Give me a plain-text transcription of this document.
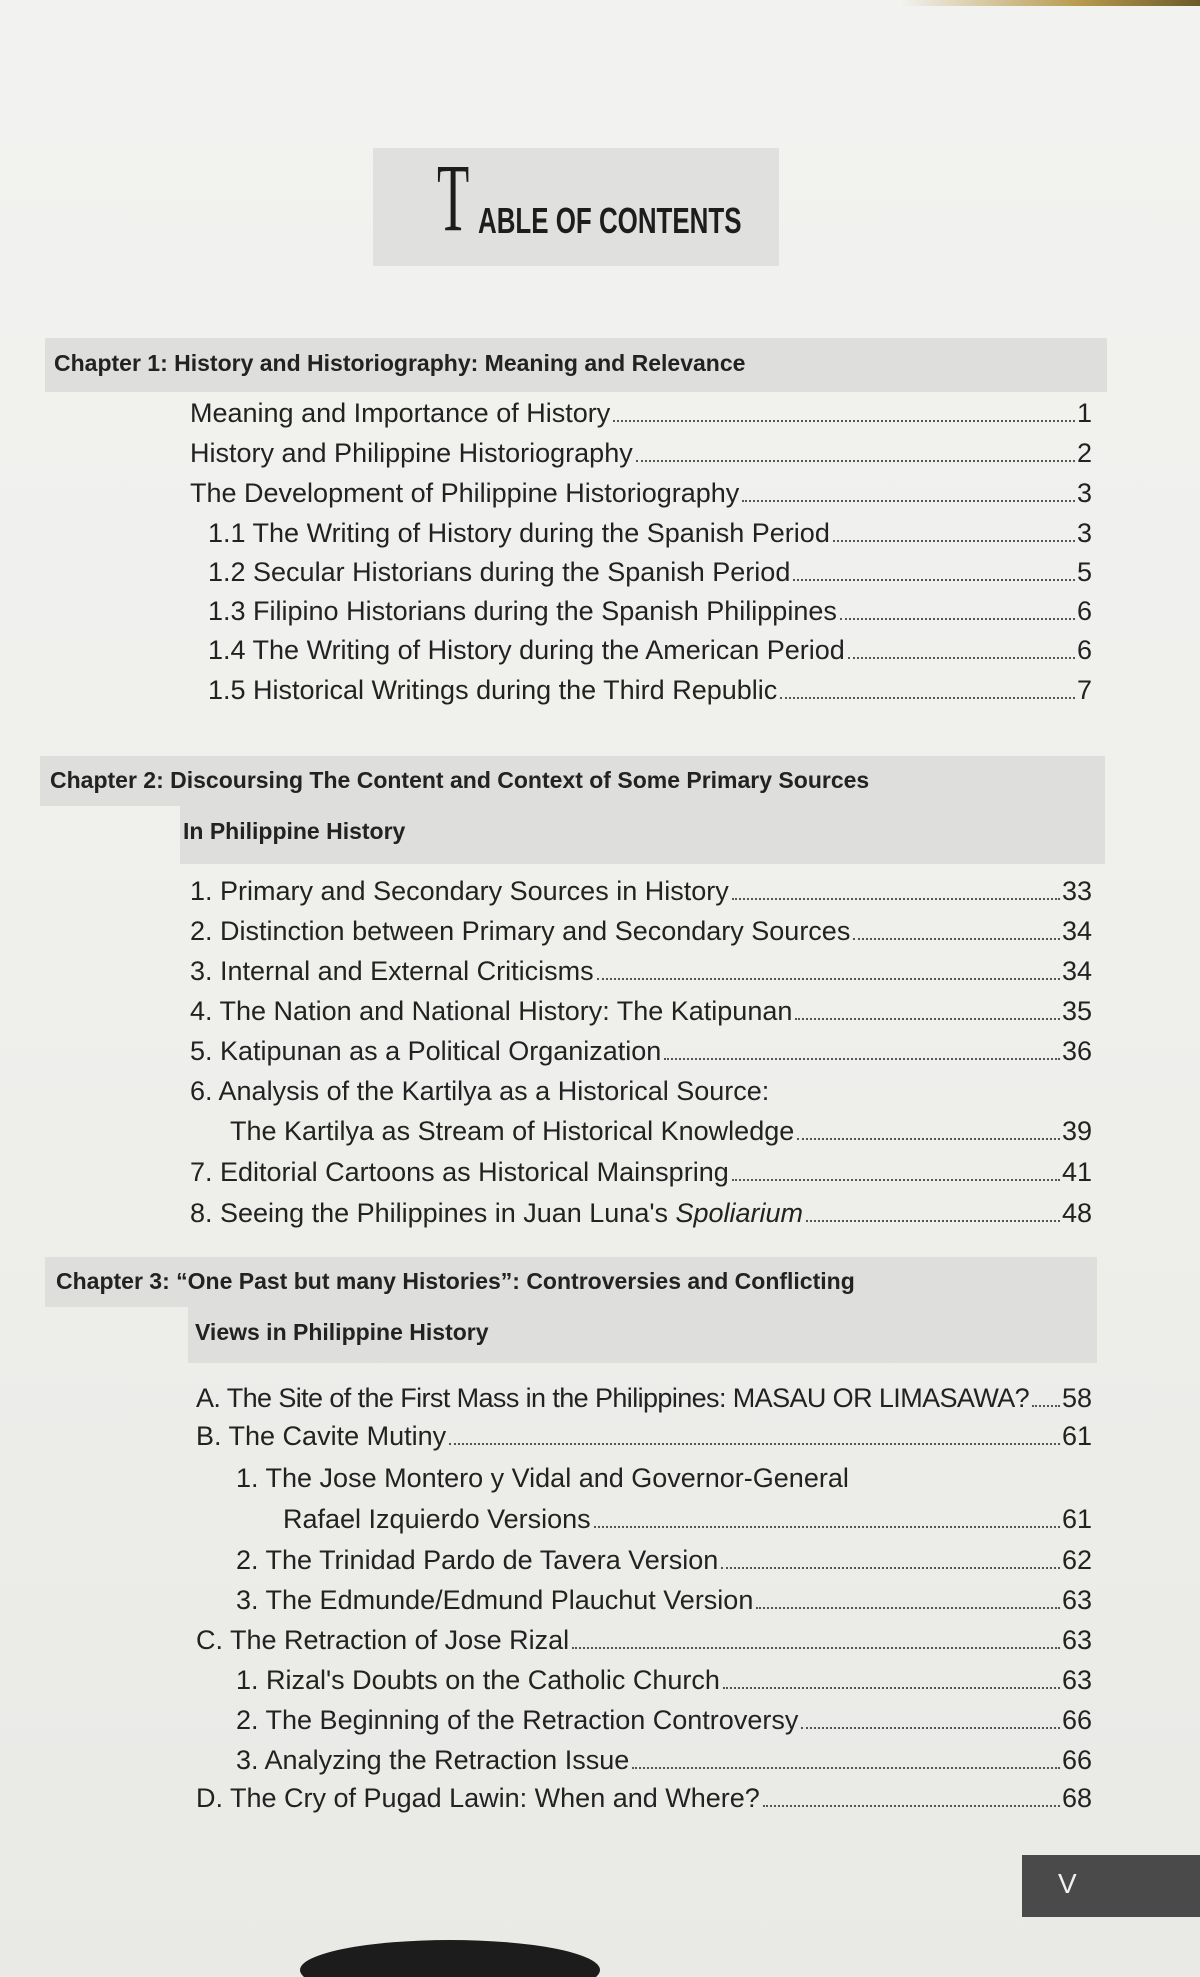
T ABLE OF CONTENTS
Chapter 1: History and Historiography: Meaning and Relevance
Meaning and Importance of History	1
History and Philippine Historiography	2
The Development of Philippine Historiography	3
1.1 The Writing of History during the Spanish Period	3
1.2 Secular Historians during the Spanish Period	5
1.3 Filipino Historians during the Spanish Philippines	6
1.4 The Writing of History during the American Period	6
1.5 Historical Writings during the Third Republic	7
Chapter 2: Discoursing The Content and Context of Some Primary Sources
In Philippine History
1. Primary and Secondary Sources in History	33
2. Distinction between Primary and Secondary Sources	34
3. Internal and External Criticisms	34
4. The Nation and National History: The Katipunan	35
5. Katipunan as a Political Organization	36
6. Analysis of the Kartilya as a Historical Source:
The Kartilya as Stream of Historical Knowledge	39
7. Editorial Cartoons as Historical Mainspring	41
8. Seeing the Philippines in Juan Luna's Spoliarium	48
Chapter 3: “One Past but many Histories”: Controversies and Conflicting
Views in Philippine History
A. The Site of the First Mass in the Philippines: MASAU OR LIMASAWA? 58
B. The Cavite Mutiny	61
1. The Jose Montero y Vidal and Governor-General
Rafael Izquierdo Versions	61
2. The Trinidad Pardo de Tavera Version	62
3. The Edmunde/Edmund Plauchut Version	63
C. The Retraction of Jose Rizal	63
1. Rizal's Doubts on the Catholic Church	63
2. The Beginning of the Retraction Controversy	66
3. Analyzing the Retraction Issue	66
D. The Cry of Pugad Lawin: When and Where?	68
V
